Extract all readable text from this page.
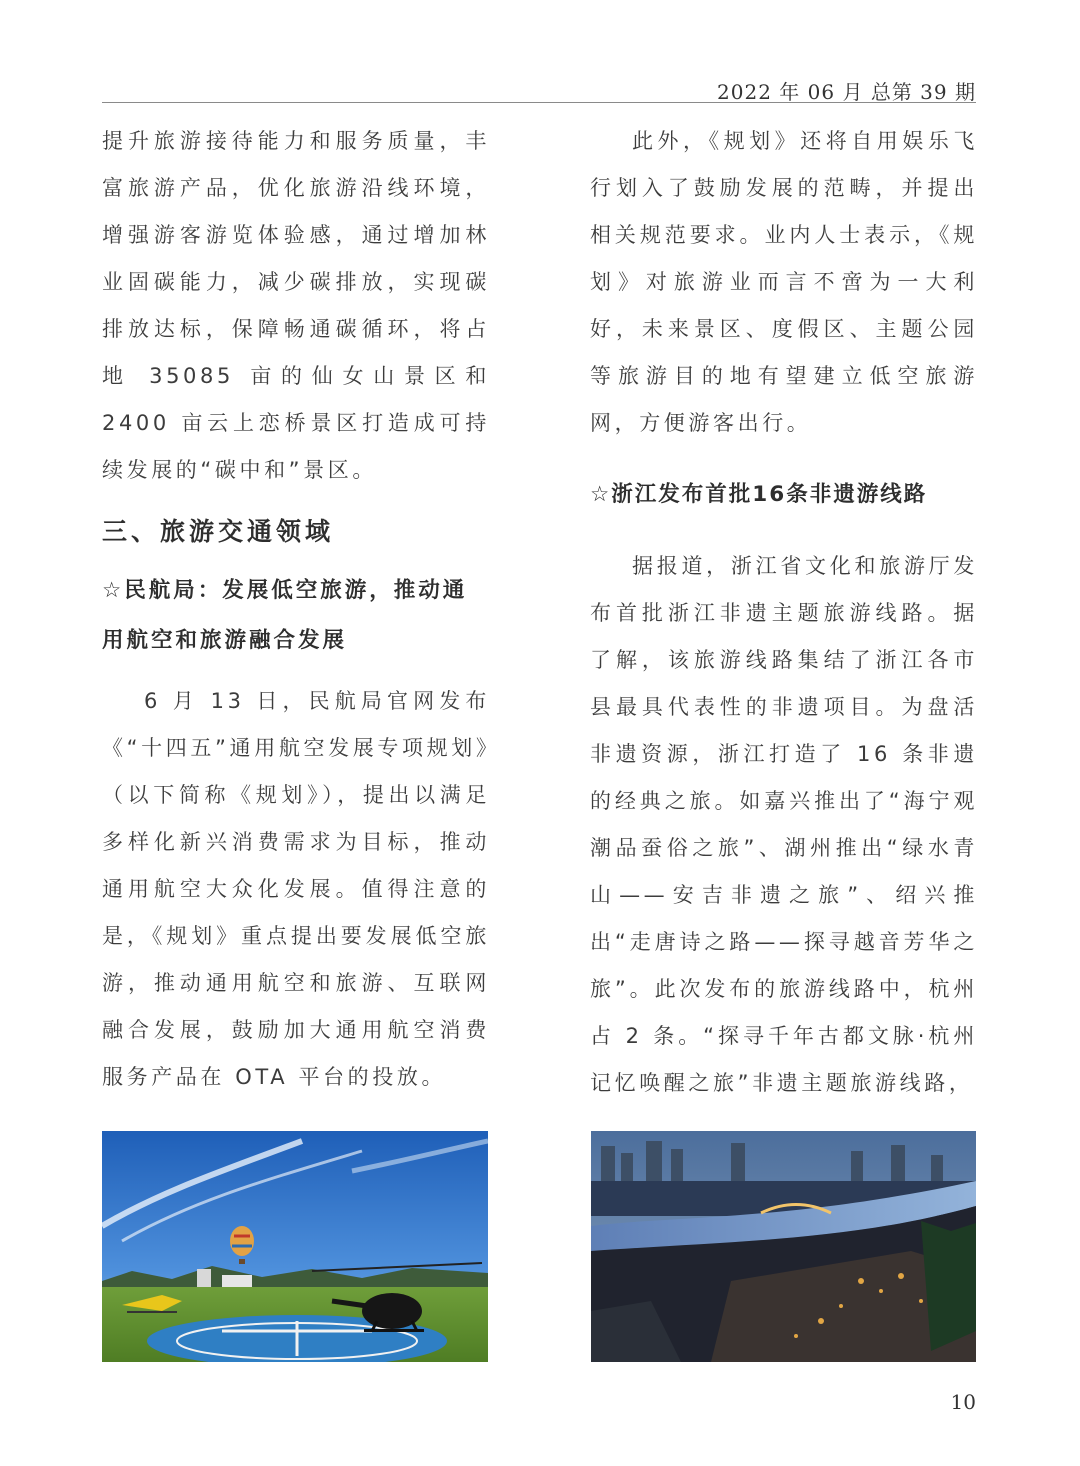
2022 年 06 月 总第 39 期

提升旅游接待能力和服务质量，丰富旅游产品，优化旅游沿线环境，增强游客游览体验感，通过增加林业固碳能力，减少碳排放，实现碳排放达标，保障畅通碳循环，将占地 35085 亩的仙女山景区和 2400 亩云上恋桥景区打造成可持续发展的“碳中和”景区。

三、旅游交通领域
☆民航局：发展低空旅游，推动通用航空和旅游融合发展

6 月 13 日，民航局官网发布《“十四五”通用航空发展专项规划》（以下简称《规划》），提出以满足多样化新兴消费需求为目标，推动通用航空大众化发展。值得注意的是，《规划》重点提出要发展低空旅游，推动通用航空和旅游、互联网融合发展，鼓励加大通用航空消费服务产品在 OTA 平台的投放。

此外，《规划》还将自用娱乐飞行划入了鼓励发展的范畴，并提出相关规范要求。业内人士表示，《规划》对旅游业而言不啻为一大利好，未来景区、度假区、主题公园等旅游目的地有望建立低空旅游网，方便游客出行。

☆浙江发布首批16条非遗游线路

据报道，浙江省文化和旅游厅发布首批浙江非遗主题旅游线路。据了解，该旅游线路集结了浙江各市县最具代表性的非遗项目。为盘活非遗资源，浙江打造了 16 条非遗的经典之旅。如嘉兴推出了“海宁观潮品蚕俗之旅”、湖州推出“绿水青山——安吉非遗之旅”、绍兴推出“走唐诗之路——探寻越音芳华之旅”。此次发布的旅游线路中，杭州占 2 条。“探寻千年古都文脉·杭州记忆唤醒之旅”非遗主题旅游线路，

10
